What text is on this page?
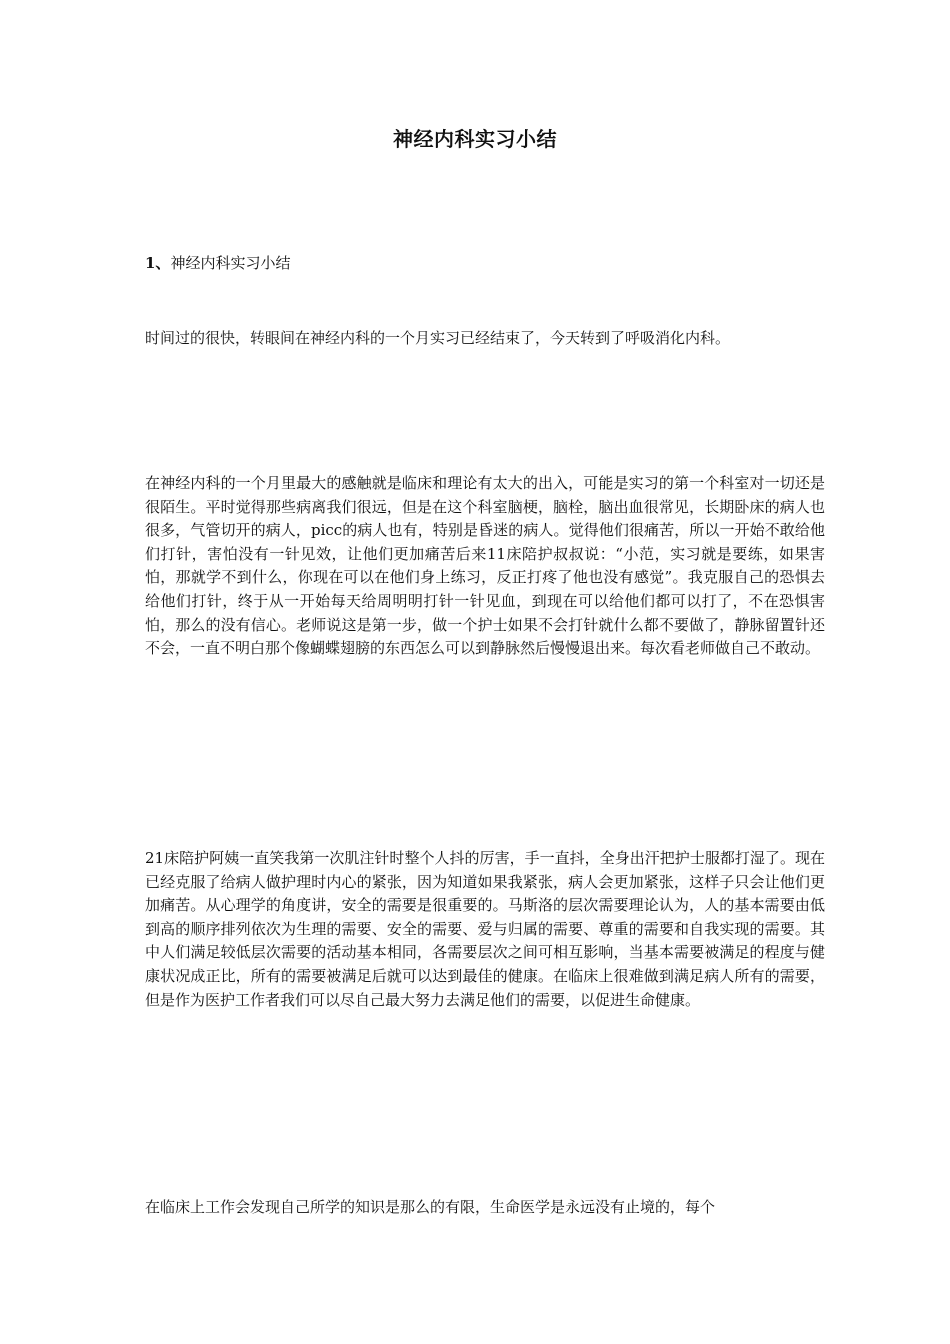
神经内科实习小结
1、神经内科实习小结
时间过的很快，转眼间在神经内科的一个月实习已经结束了，今天转到了呼吸消化内科。
在神经内科的一个月里最大的感触就是临床和理论有太大的出入，可能是实习的第一个科室对一切还是很陌生。平时觉得那些病离我们很远，但是在这个科室脑梗，脑栓，脑出血很常见，长期卧床的病人也很多，气管切开的病人，picc的病人也有，特别是昏迷的病人。觉得他们很痛苦，所以一开始不敢给他们打针，害怕没有一针见效，让他们更加痛苦后来11床陪护叔叔说：“小范，实习就是要练，如果害怕，那就学不到什么，你现在可以在他们身上练习，反正打疼了他也没有感觉”。我克服自己的恐惧去给他们打针，终于从一开始每天给周明明打针一针见血，到现在可以给他们都可以打了，不在恐惧害怕，那么的没有信心。老师说这是第一步，做一个护士如果不会打针就什么都不要做了，静脉留置针还不会，一直不明白那个像蝴蝶翅膀的东西怎么可以到静脉然后慢慢退出来。每次看老师做自己不敢动。
21床陪护阿姨一直笑我第一次肌注针时整个人抖的厉害，手一直抖，全身出汗把护士服都打湿了。现在已经克服了给病人做护理时内心的紧张，因为知道如果我紧张，病人会更加紧张，这样子只会让他们更加痛苦。从心理学的角度讲，安全的需要是很重要的。马斯洛的层次需要理论认为，人的基本需要由低到高的顺序排列依次为生理的需要、安全的需要、爱与归属的需要、尊重的需要和自我实现的需要。其中人们满足较低层次需要的活动基本相同，各需要层次之间可相互影响，当基本需要被满足的程度与健康状况成正比，所有的需要被满足后就可以达到最佳的健康。在临床上很难做到满足病人所有的需要，但是作为医护工作者我们可以尽自己最大努力去满足他们的需要，以促进生命健康。
在临床上工作会发现自己所学的知识是那么的有限，生命医学是永远没有止境的，每个
